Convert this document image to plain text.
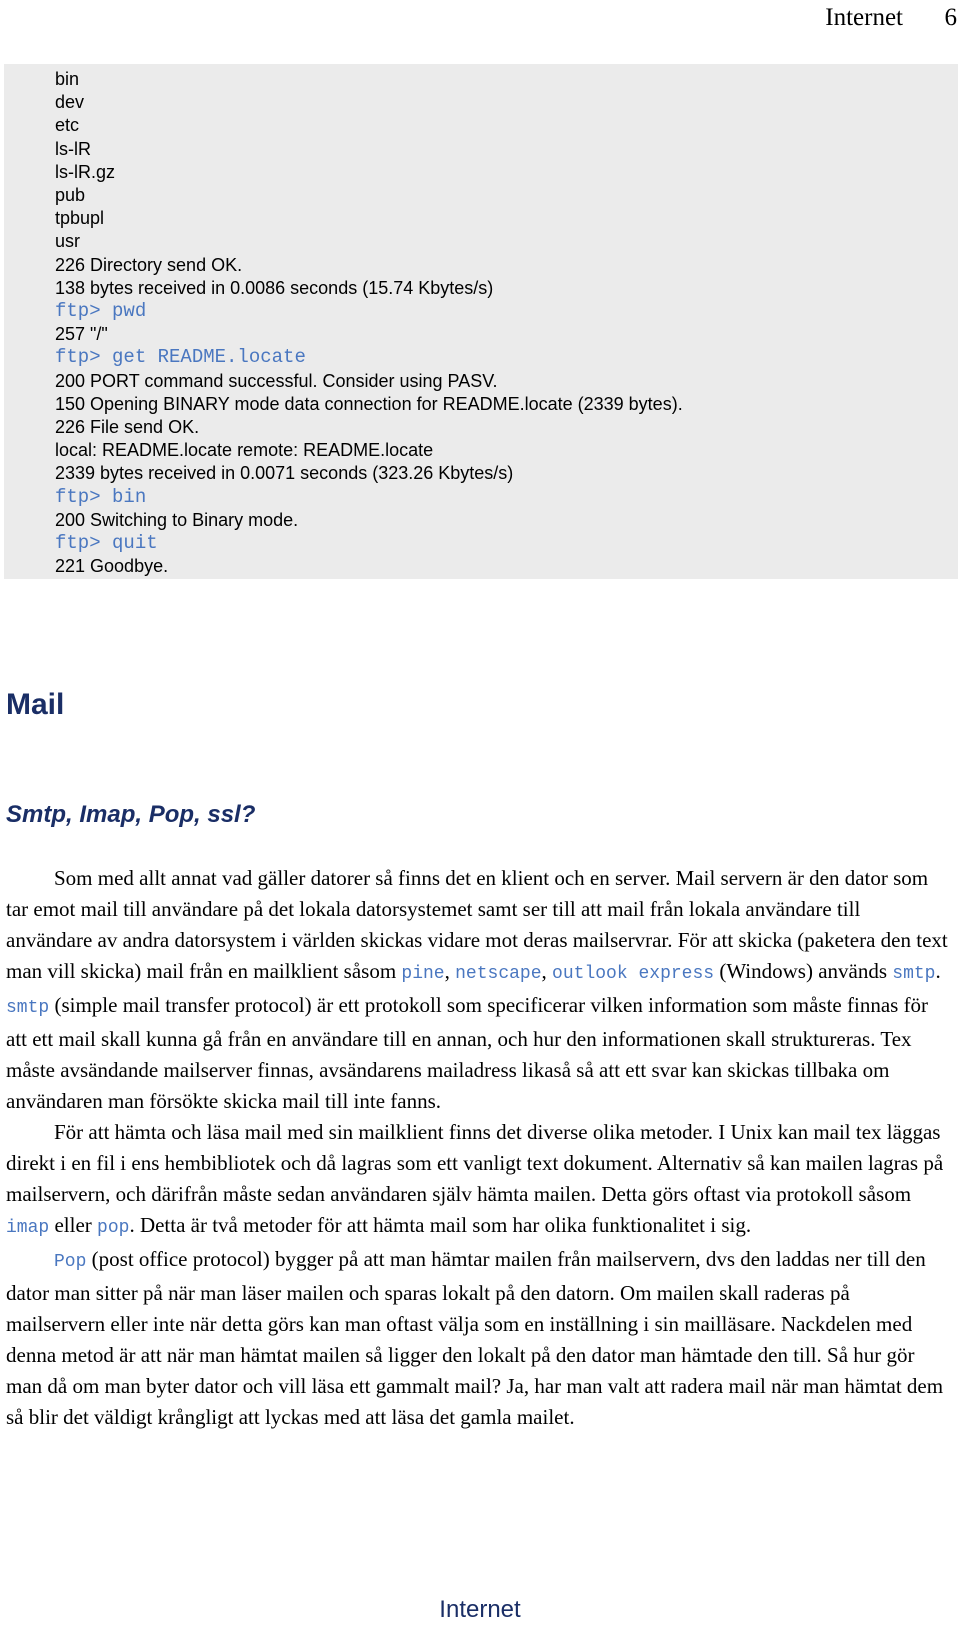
Internet 6
bin
dev
etc
ls-lR
ls-lR.gz
pub
tpbupl
usr
226 Directory send OK.
138 bytes received in 0.0086 seconds (15.74 Kbytes/s)
ftp> pwd
257 "/"
ftp> get README.locate
200 PORT command successful. Consider using PASV.
150 Opening BINARY mode data connection for README.locate (2339 bytes).
226 File send OK.
local: README.locate remote: README.locate
2339 bytes received in 0.0071 seconds (323.26 Kbytes/s)
ftp> bin
200 Switching to Binary mode.
ftp> quit
221 Goodbye.
Mail
Smtp, Imap, Pop, ssl?

Som med allt annat vad gäller datorer så finns det en klient och en server. Mail servern är den dator som tar emot mail till användare på det lokala datorsystemet samt ser till att mail från lokala användare till användare av andra datorsystem i världen skickas vidare mot deras mailservrar. För att skicka (paketera den text man vill skicka) mail från en mailklient såsom pine, netscape, outlook express (Windows) används smtp. smtp (simple mail transfer protocol) är ett protokoll som specificerar vilken information som måste finnas för att ett mail skall kunna gå från en användare till en annan, och hur den informationen skall struktureras. Tex måste avsändande mailserver finnas, avsändarens mailadress likaså så att ett svar kan skickas tillbaka om användaren man försökte skicka mail till inte fanns.

För att hämta och läsa mail med sin mailklient finns det diverse olika metoder. I Unix kan mail tex läggas direkt i en fil i ens hembibliotek och då lagras som ett vanligt text dokument. Alternativ så kan mailen lagras på mailservern, och därifrån måste sedan användaren själv hämta mailen. Detta görs oftast via protokoll såsom imap eller pop. Detta är två metoder för att hämta mail som har olika funktionalitet i sig.

Pop (post office protocol) bygger på att man hämtar mailen från mailservern, dvs den laddas ner till den dator man sitter på när man läser mailen och sparas lokalt på den datorn. Om mailen skall raderas på mailservern eller inte när detta görs kan man oftast välja som en inställning i sin mailläsare. Nackdelen med denna metod är att när man hämtat mailen så ligger den lokalt på den dator man hämtade den till. Så hur gör man då om man byter dator och vill läsa ett gammalt mail? Ja, har man valt att radera mail när man hämtat dem så blir det väldigt krångligt att lyckas med att läsa det gamla mailet.

Internet
